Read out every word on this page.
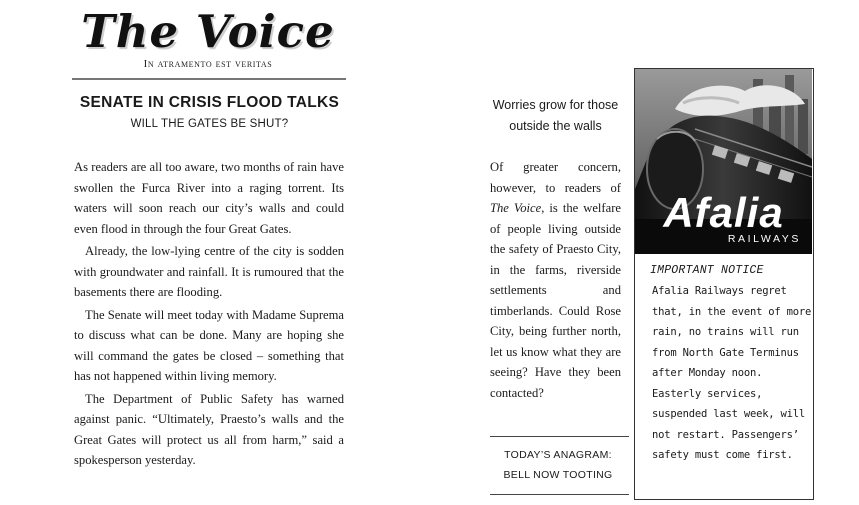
The Voice
In atramento est veritas
SENATE IN CRISIS FLOOD TALKS
WILL THE GATES BE SHUT?

As readers are all too aware, two months of rain have swollen the Furca River into a raging torrent. Its waters will soon reach our city’s walls and could even flood in through the four Great Gates.

Already, the low-lying centre of the city is sodden with groundwater and rainfall. It is rumoured that the basements there are flooding.

The Senate will meet today with Madame Suprema to discuss what can be done. Many are hoping she will command the gates be closed – something that has not happened within living memory.

The Department of Public Safety has warned against panic. “Ultimately, Praesto’s walls and the Great Gates will protect us all from harm,” said a spokesperson yesterday.

Worries grow for those outside the walls
Of greater concern, however, to readers of The Voice, is the welfare of people living outside the safety of Praesto City, in the farms, riverside settlements and timberlands. Could Rose City, being further north, let us know what they are seeing? Have they been contacted?
TODAY’S ANAGRAM:
BELL NOW TOOTING
Afalia
RAILWAYS
IMPORTANT NOTICE
Afalia Railways regret that, in the event of more rain, no trains will run from North Gate Terminus after Monday noon. Easterly services, suspended last week, will not restart. Passengers’ safety must come first.
